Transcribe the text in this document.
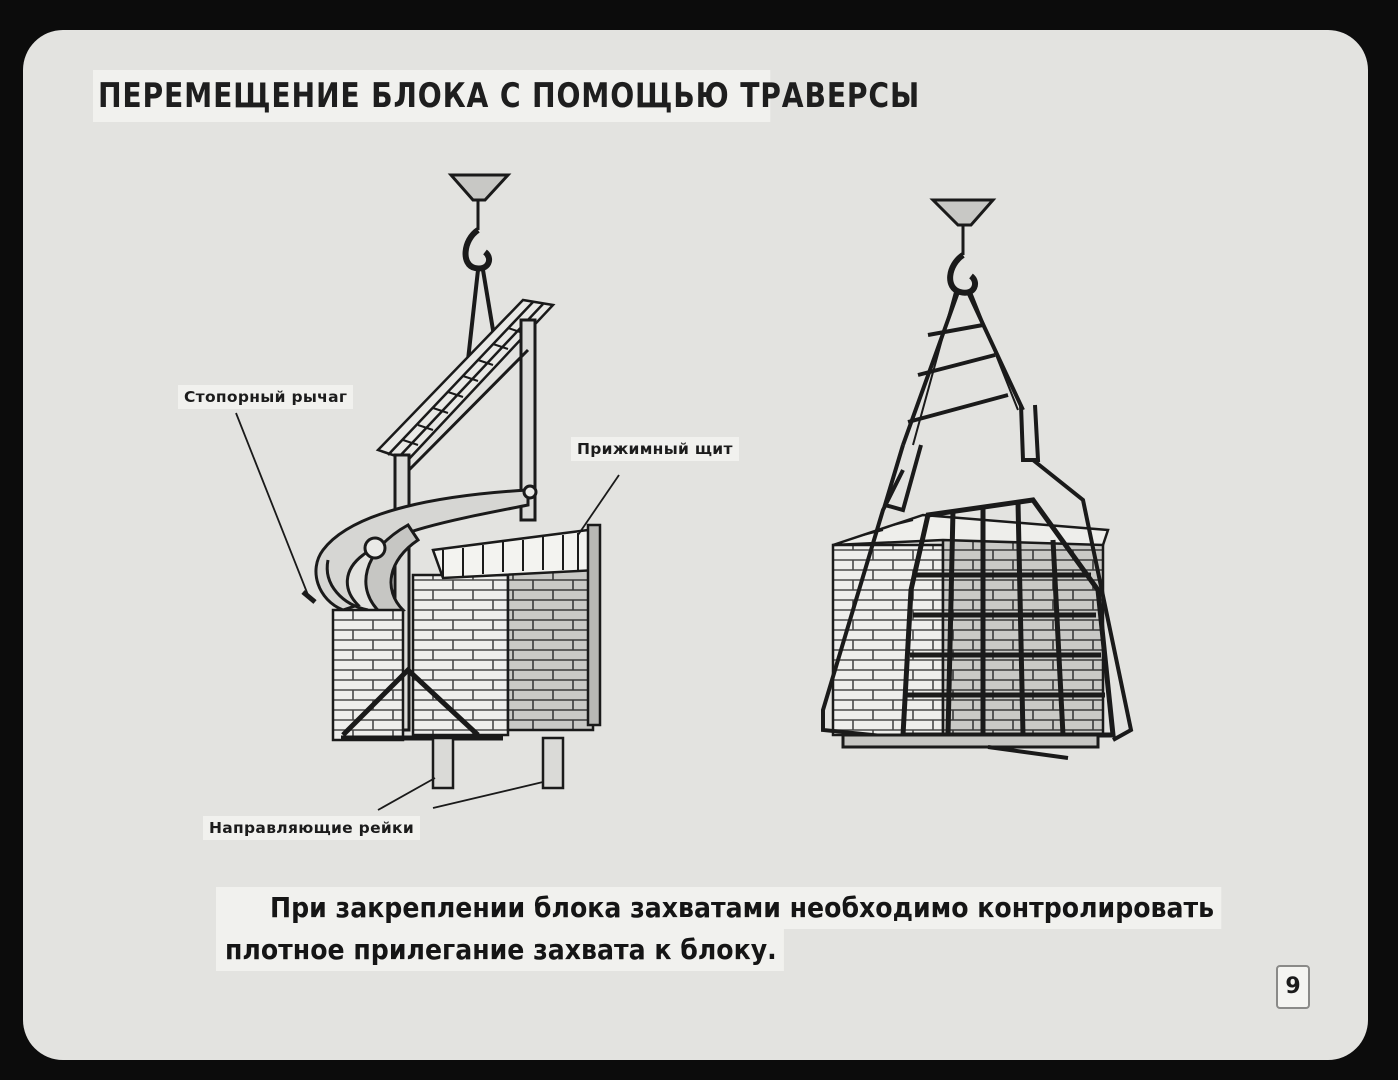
ПЕРЕМЕЩЕНИЕ БЛОКА С ПОМОЩЬЮ ТРАВЕРСЫ
Стопорный рычаг
Прижимный щит
Направляющие рейки
При закреплении блока захватами необходимо контролировать
плотное прилегание захвата к блоку.
9
